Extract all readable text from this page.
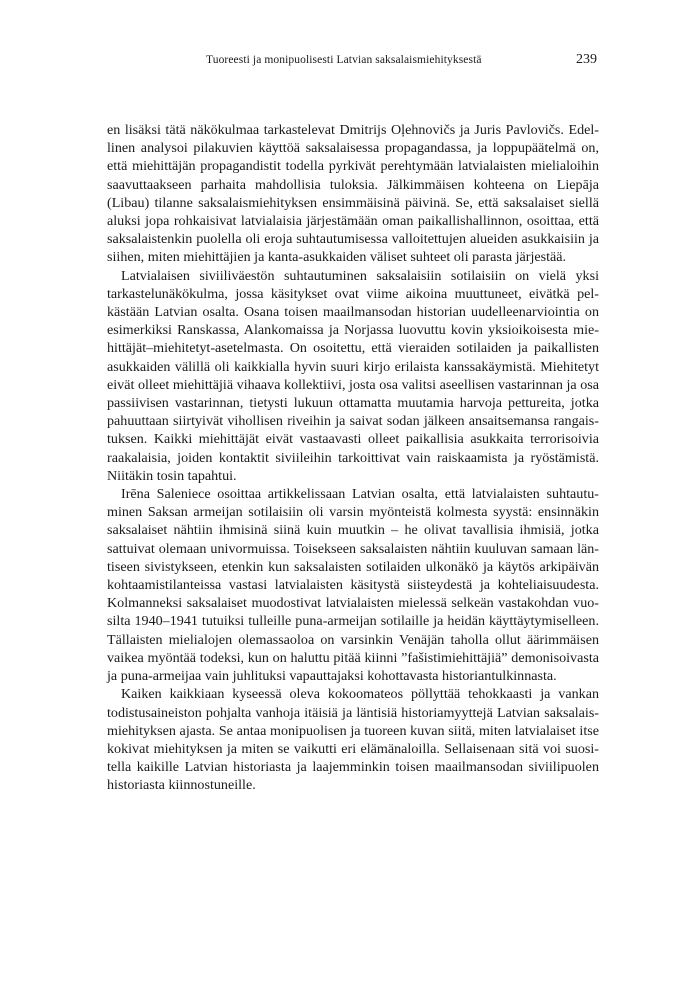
Tuoreesti ja monipuolisesti Latvian saksalaismiehityksestä	239

en lisäksi tätä näkökulmaa tarkastelevat Dmitrijs Oļehnovičs ja Juris Pavlovičs. Edel-
linen analysoi pilakuvien käyttöä saksalaisessa propagandassa, ja loppupäätelmä on,
että miehittäjän propagandistit todella pyrkivät perehtymään latvialaisten mielialoihin
saavuttaakseen parhaita mahdollisia tuloksia. Jälkimmäisen kohteena on Liepāja
(Libau) tilanne saksalaismiehityksen ensimmäisinä päivinä. Se, että saksalaiset siellä
aluksi jopa rohkaisivat latvialaisia järjestämään oman paikallishallinnon, osoittaa, että
saksalaistenkin puolella oli eroja suhtautumisessa valloitettujen alueiden asukkaisiin ja
siihen, miten miehittäjien ja kanta-asukkaiden väliset suhteet oli parasta järjestää.

Latvialaisen siviiliväestön suhtautuminen saksalaisiin sotilaisiin on vielä yksi
tarkastelunäkökulma, jossa käsitykset ovat viime aikoina muuttuneet, eivätkä pel-
kästään Latvian osalta. Osana toisen maailmansodan historian uudelleenarviointia on
esimerkiksi Ranskassa, Alankomaissa ja Norjassa luovuttu kovin yksioikoisesta mie-
hittäjät–miehitetyt-asetelmasta. On osoitettu, että vieraiden sotilaiden ja paikallisten
asukkaiden välillä oli kaikkialla hyvin suuri kirjo erilaista kanssakäymistä. Miehitetyt
eivät olleet miehittäjiä vihaava kollektiivi, josta osa valitsi aseellisen vastarinnan ja osa
passiivisen vastarinnan, tietysti lukuun ottamatta muutamia harvoja pettureita, jotka
pahuuttaan siirtyivät vihollisen riveihin ja saivat sodan jälkeen ansaitsemansa rangais-
tuksen. Kaikki miehittäjät eivät vastaavasti olleet paikallisia asukkaita terrorisoivia
raakalaisia, joiden kontaktit siviileihin tarkoittivat vain raiskaamista ja ryöstämistä.
Niitäkin tosin tapahtui.

Irēna Saleniece osoittaa artikkelissaan Latvian osalta, että latvialaisten suhtautu-
minen Saksan armeijan sotilaisiin oli varsin myönteistä kolmesta syystä: ensinnäkin
saksalaiset nähtiin ihmisinä siinä kuin muutkin – he olivat tavallisia ihmisiä, jotka
sattuivat olemaan univormuissa. Toisekseen saksalaisten nähtiin kuuluvan samaan län-
tiseen sivistykseen, etenkin kun saksalaisten sotilaiden ulkonäkö ja käytös arkipäivän
kohtaamistilanteissa vastasi latvialaisten käsitystä siisteydestä ja kohteliaisuudesta.
Kolmanneksi saksalaiset muodostivat latvialaisten mielessä selkeän vastakohdan vuo-
silta 1940–1941 tutuiksi tulleille puna-armeijan sotilaille ja heidän käyttäytymiselleen.
Tällaisten mielialojen olemassaoloa on varsinkin Venäjän taholla ollut äärimmäisen
vaikea myöntää todeksi, kun on haluttu pitää kiinni ”fašistimiehittäjiä” demonisoivasta
ja puna-armeijaa vain juhlituksi vapauttajaksi kohottavasta historiantulkinnasta.

Kaiken kaikkiaan kyseessä oleva kokoomateos pöllyttää tehokkaasti ja vankan
todistusaineiston pohjalta vanhoja itäisiä ja läntisiä historiamyyttejä Latvian saksalais-
miehityksen ajasta. Se antaa monipuolisen ja tuoreen kuvan siitä, miten latvialaiset itse
kokivat miehityksen ja miten se vaikutti eri elämänaloilla. Sellaisenaan sitä voi suosi-
tella kaikille Latvian historiasta ja laajemminkin toisen maailmansodan siviilipuolen
historiasta kiinnostuneille.
